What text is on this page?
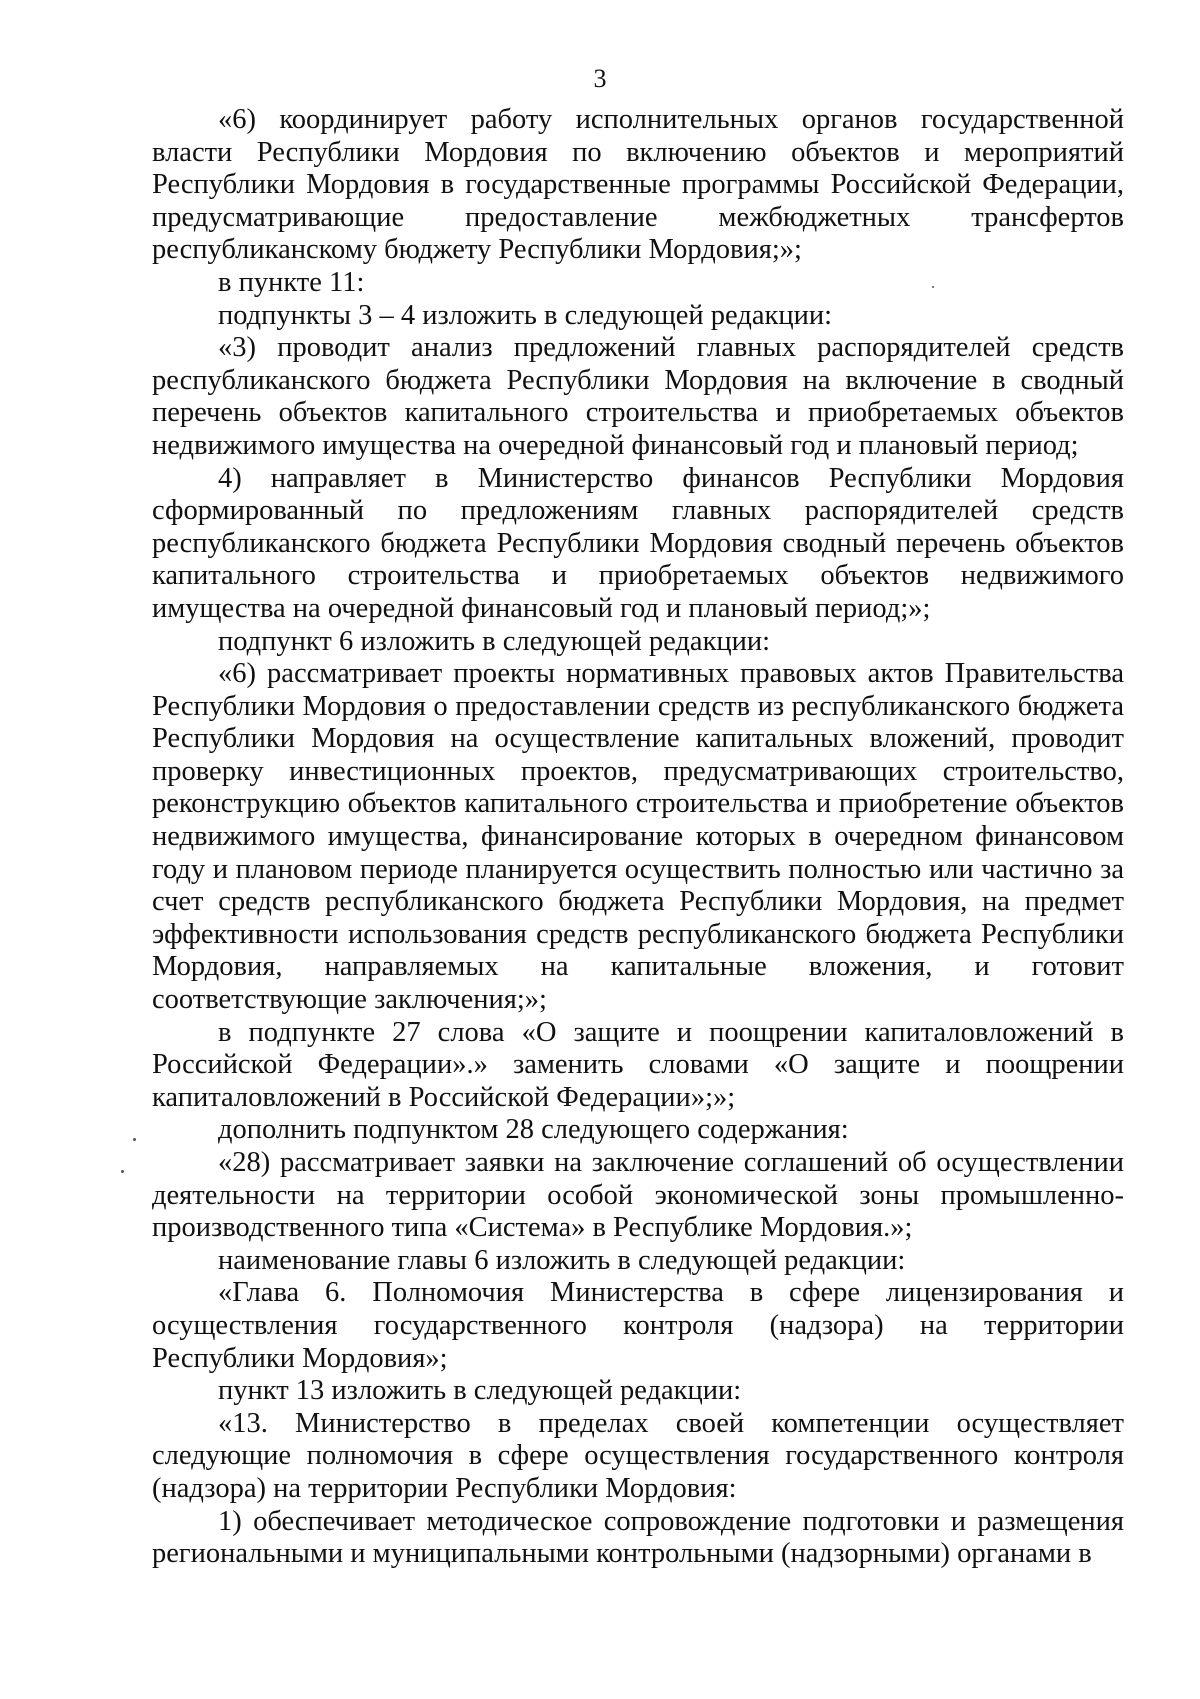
3

«6) координирует работу исполнительных органов государственной власти Республики Мордовия по включению объектов и мероприятий Республики Мордовия в государственные программы Российской Федерации, предусматривающие предоставление межбюджетных трансфертов республиканскому бюджету Республики Мордовия;»;

в пункте 11:

подпункты 3 – 4 изложить в следующей редакции:

«3) проводит анализ предложений главных распорядителей средств республиканского бюджета Республики Мордовия на включение в сводный перечень объектов капитального строительства и приобретаемых объектов недвижимого имущества на очередной финансовый год и плановый период;

4) направляет в Министерство финансов Республики Мордовия сформированный по предложениям главных распорядителей средств республиканского бюджета Республики Мордовия сводный перечень объектов капитального строительства и приобретаемых объектов недвижимого имущества на очередной финансовый год и плановый период;»;

подпункт 6 изложить в следующей редакции:

«6) рассматривает проекты нормативных правовых актов Правительства Республики Мордовия о предоставлении средств из республиканского бюджета Республики Мордовия на осуществление капитальных вложений, проводит проверку инвестиционных проектов, предусматривающих строительство, реконструкцию объектов капитального строительства и приобретение объектов недвижимого имущества, финансирование которых в очередном финансовом году и плановом периоде планируется осуществить полностью или частично за счет средств республиканского бюджета Республики Мордовия, на предмет эффективности использования средств республиканского бюджета Республики Мордовия, направляемых на капитальные вложения, и готовит соответствующие заключения;»;

в подпункте 27 слова «О защите и поощрении капиталовложений в Российской Федерации».» заменить словами «О защите и поощрении капиталовложений в Российской Федерации»;»;

дополнить подпунктом 28 следующего содержания:

«28) рассматривает заявки на заключение соглашений об осуществлении деятельности на территории особой экономической зоны промышленно-производственного типа «Система» в Республике Мордовия.»;

наименование главы 6 изложить в следующей редакции:

«Глава 6. Полномочия Министерства в сфере лицензирования и осуществления государственного контроля (надзора) на территории Республики Мордовия»;

пункт 13 изложить в следующей редакции:

«13. Министерство в пределах своей компетенции осуществляет следующие полномочия в сфере осуществления государственного контроля (надзора) на территории Республики Мордовия:

1) обеспечивает методическое сопровождение подготовки и размещения региональными и муниципальными контрольными (надзорными) органами в
